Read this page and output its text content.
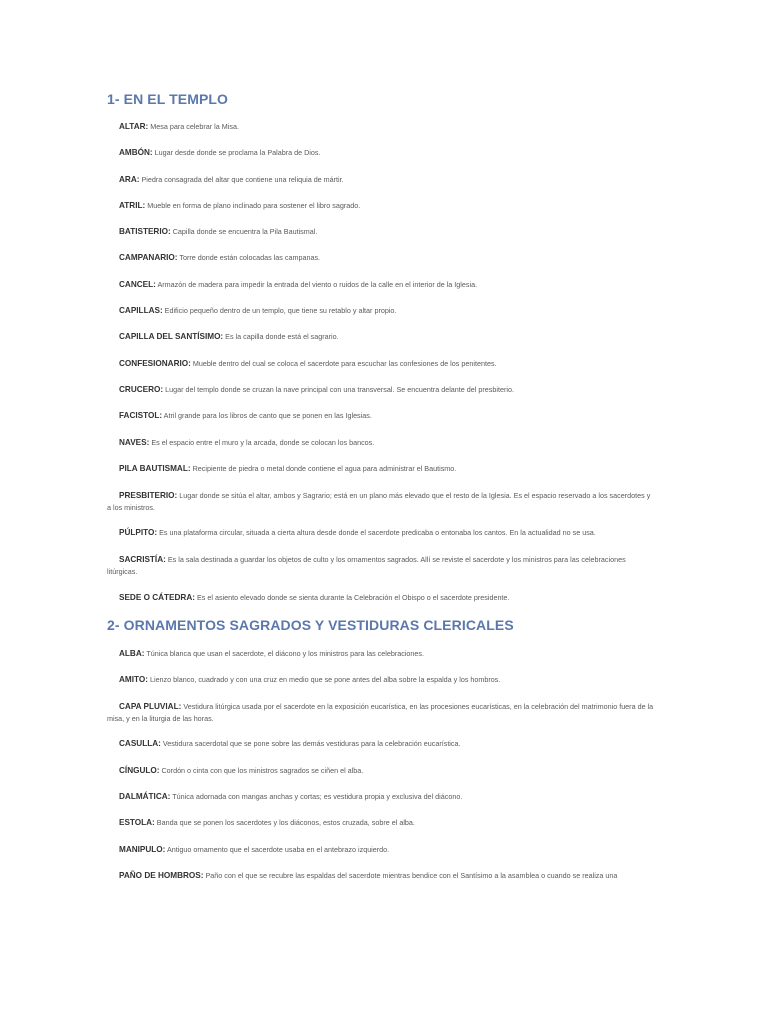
1- EN EL TEMPLO

ALTAR: Mesa para celebrar la Misa.

AMBÓN: Lugar desde donde se proclama la Palabra de Dios.

ARA: Piedra consagrada del altar que contiene una reliquia de mártir.

ATRIL: Mueble en forma de plano inclinado para sostener el libro sagrado.

BATISTERIO: Capilla donde se encuentra la Pila Bautismal.

CAMPANARIO: Torre donde están colocadas las campanas.

CANCEL: Armazón de madera para impedir la entrada del viento o ruidos de la calle en el interior de la Iglesia.

CAPILLAS: Edificio pequeño dentro de un templo, que tiene su retablo y altar propio.

CAPILLA DEL SANTÍSIMO: Es la capilla donde está el sagrario.

CONFESIONARIO: Mueble dentro del cual se coloca el sacerdote para escuchar las confesiones de los penitentes.

CRUCERO: Lugar del templo donde se cruzan la nave principal con una transversal. Se encuentra delante del presbiterio.

FACISTOL: Atril grande para los libros de canto que se ponen en las Iglesias.

NAVES: Es el espacio entre el muro y la arcada, donde se colocan los bancos.

PILA BAUTISMAL: Recipiente de piedra o metal donde contiene el agua para administrar el Bautismo.

PRESBITERIO: Lugar donde se sitúa el altar, ambos y Sagrario; está en un plano más elevado que el resto de la Iglesia. Es el espacio reservado a los sacerdotes y a los ministros.

PÚLPITO: Es una plataforma circular, situada a cierta altura desde donde el sacerdote predicaba o entonaba los cantos. En la actualidad no se usa.

SACRISTÍA: Es la sala destinada a guardar los objetos de culto y los ornamentos sagrados. Allí se reviste el sacerdote y los ministros para las celebraciones litúrgicas.

SEDE O CÁTEDRA: Es el asiento elevado donde se sienta durante la Celebración el Obispo o el sacerdote presidente.

2- ORNAMENTOS SAGRADOS Y VESTIDURAS CLERICALES

ALBA: Túnica blanca que usan el sacerdote, el diácono y los ministros para las celebraciones.

AMITO: Lienzo blanco, cuadrado y con una cruz en medio que se pone antes del alba sobre la espalda y los hombros.

CAPA PLUVIAL: Vestidura litúrgica usada por el sacerdote en la exposición eucarística, en las procesiones eucarísticas, en la celebración del matrimonio fuera de la misa, y en la liturgia de las horas.

CASULLA: Vestidura sacerdotal que se pone sobre las demás vestiduras para la celebración eucarística.

CÍNGULO: Cordón o cinta con que los ministros sagrados se ciñen el alba.

DALMÁTICA: Túnica adornada con mangas anchas y cortas; es vestidura propia y exclusiva del diácono.

ESTOLA: Banda que se ponen los sacerdotes y los diáconos, estos cruzada, sobre el alba.

MANIPULO: Antiguo ornamento que el sacerdote usaba en el antebrazo izquierdo.

PAÑO DE HOMBROS: Paño con el que se recubre las espaldas del sacerdote mientras bendice con el Santísimo a la asamblea o cuando se realiza una
